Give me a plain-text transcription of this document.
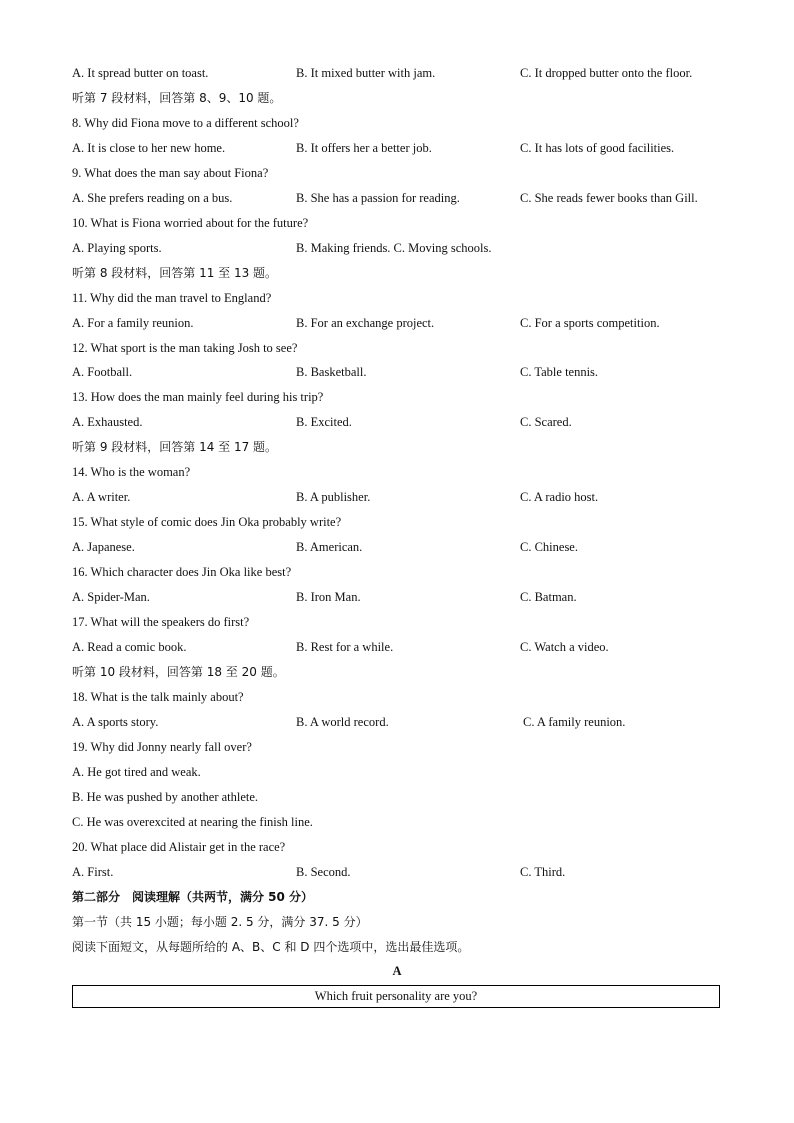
A. It spread butter on toast.	B. It mixed butter with jam.	C. It dropped butter onto the floor.
听第 7 段材料，回答第 8、9、10 题。
8. Why did Fiona move to a different school?
A. It is close to her new home.	B. It offers her a better job.	C. It has lots of good facilities.
9. What does the man say about Fiona?
A. She prefers reading on a bus.	B. She has a passion for reading.	C. She reads fewer books than Gill.
10. What is Fiona worried about for the future?
A. Playing sports.	B. Making friends. C. Moving schools.
听第 8 段材料，回答第 11 至 13 题。
11. Why did the man travel to England?
A. For a family reunion.	B. For an exchange project.	C. For a sports competition.
12. What sport is the man taking Josh to see?
A. Football.	B. Basketball.	C. Table tennis.
13. How does the man mainly feel during his trip?
A. Exhausted.	B. Excited.	C. Scared.
听第 9 段材料，回答第 14 至 17 题。
14. Who is the woman?
A. A writer.	B. A publisher.	C. A radio host.
15. What style of comic does Jin Oka probably write?
A. Japanese.	B. American.	C. Chinese.
16. Which character does Jin Oka like best?
A. Spider-Man.	B. Iron Man.	C. Batman.
17. What will the speakers do first?
A. Read a comic book.	B. Rest for a while.	C. Watch a video.
听第 10 段材料，回答第 18 至 20 题。
18. What is the talk mainly about?
A. A sports story.	B. A world record.	C. A family reunion.
19. Why did Jonny nearly fall over?
A. He got tired and weak.
B. He was pushed by another athlete.
C. He was overexcited at nearing the finish line.
20. What place did Alistair get in the race?
A. First.	B. Second.	C. Third.
第二部分　阅读理解（共两节，满分 50 分）
第一节（共 15 小题；每小题 2. 5 分，满分 37. 5 分）
阅读下面短文，从每题所给的 A、B、C 和 D 四个选项中，选出最佳选项。
A
Which fruit personality are you?
